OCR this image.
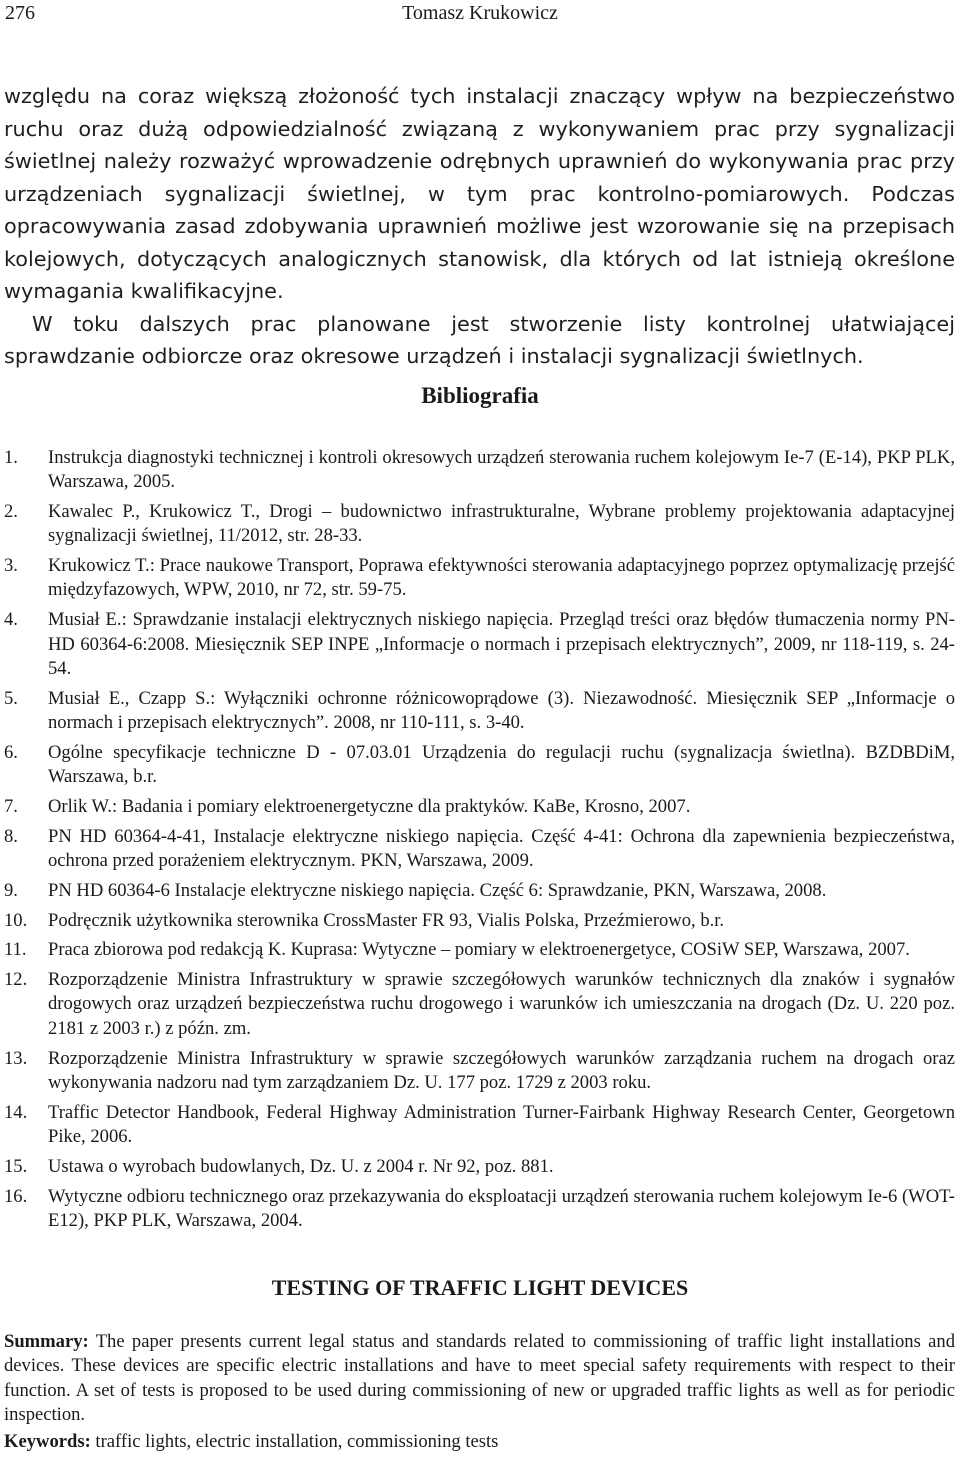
276	Tomasz Krukowicz

względu na coraz większą złożoność tych instalacji znaczący wpływ na bezpieczeństwo ruchu oraz dużą odpowiedzialność związaną z wykonywaniem prac przy sygnalizacji świetlnej należy rozważyć wprowadzenie odrębnych uprawnień do wykonywania prac przy urządzeniach sygnalizacji świetlnej, w tym prac kontrolno-pomiarowych. Podczas opracowywania zasad zdobywania uprawnień możliwe jest wzorowanie się na przepisach kolejowych, dotyczących analogicznych stanowisk, dla których od lat istnieją określone wymagania kwalifikacyjne.

W toku dalszych prac planowane jest stworzenie listy kontrolnej ułatwiającej sprawdzanie odbiorcze oraz okresowe urządzeń i instalacji sygnalizacji świetlnych.

Bibliografia
1.	Instrukcja diagnostyki technicznej i kontroli okresowych urządzeń sterowania ruchem kolejowym Ie-7 (E-14), PKP PLK, Warszawa, 2005.
2.	Kawalec P., Krukowicz T., Drogi – budownictwo infrastrukturalne, Wybrane problemy projektowania adaptacyjnej sygnalizacji świetlnej, 11/2012, str. 28-33.
3.	Krukowicz T.: Prace naukowe Transport, Poprawa efektywności sterowania adaptacyjnego poprzez optymalizację przejść międzyfazowych, WPW, 2010, nr 72, str. 59-75.
4.	Musiał E.: Sprawdzanie instalacji elektrycznych niskiego napięcia. Przegląd treści oraz błędów tłumaczenia normy PN-HD 60364-6:2008. Miesięcznik SEP INPE „Informacje o normach i przepisach elektrycznych”, 2009, nr 118-119, s. 24-54.
5.	Musiał E., Czapp S.: Wyłączniki ochronne różnicowoprądowe (3). Niezawodność. Miesięcznik SEP „Informacje o normach i przepisach elektrycznych”. 2008, nr 110-111, s. 3-40.
6.	Ogólne specyfikacje techniczne D - 07.03.01 Urządzenia do regulacji ruchu (sygnalizacja świetlna). BZDBDiM, Warszawa, b.r.
7.	Orlik W.: Badania i pomiary elektroenergetyczne dla praktyków. KaBe, Krosno, 2007.
8.	PN HD 60364-4-41, Instalacje elektryczne niskiego napięcia. Część 4-41: Ochrona dla zapewnienia bezpieczeństwa, ochrona przed porażeniem elektrycznym. PKN, Warszawa, 2009.
9.	PN HD 60364-6 Instalacje elektryczne niskiego napięcia. Część 6: Sprawdzanie, PKN, Warszawa, 2008.
10.	Podręcznik użytkownika sterownika CrossMaster FR 93, Vialis Polska, Przeźmierowo, b.r.
11.	Praca zbiorowa pod redakcją K. Kuprasa: Wytyczne – pomiary w elektroenergetyce, COSiW SEP, Warszawa, 2007.
12.	Rozporządzenie Ministra Infrastruktury w sprawie szczegółowych warunków technicznych dla znaków i sygnałów drogowych oraz urządzeń bezpieczeństwa ruchu drogowego i warunków ich umieszczania na drogach (Dz. U. 220 poz. 2181 z 2003 r.) z późn. zm.
13.	Rozporządzenie Ministra Infrastruktury w sprawie szczegółowych warunków zarządzania ruchem na drogach oraz wykonywania nadzoru nad tym zarządzaniem Dz. U. 177 poz. 1729 z 2003 roku.
14.	Traffic Detector Handbook, Federal Highway Administration Turner-Fairbank Highway Research Center, Georgetown Pike, 2006.
15.	Ustawa o wyrobach budowlanych, Dz. U. z 2004 r. Nr 92, poz. 881.
16.	Wytyczne odbioru technicznego oraz przekazywania do eksploatacji urządzeń sterowania ruchem kolejowym Ie-6 (WOT-E12), PKP PLK, Warszawa, 2004.
TESTING OF TRAFFIC LIGHT DEVICES

Summary: The paper presents current legal status and standards related to commissioning of traffic light installations and devices. These devices are specific electric installations and have to meet special safety requirements with respect to their function. A set of tests is proposed to be used during commissioning of new or upgraded traffic lights as well as for periodic inspection.

Keywords: traffic lights, electric installation, commissioning tests
